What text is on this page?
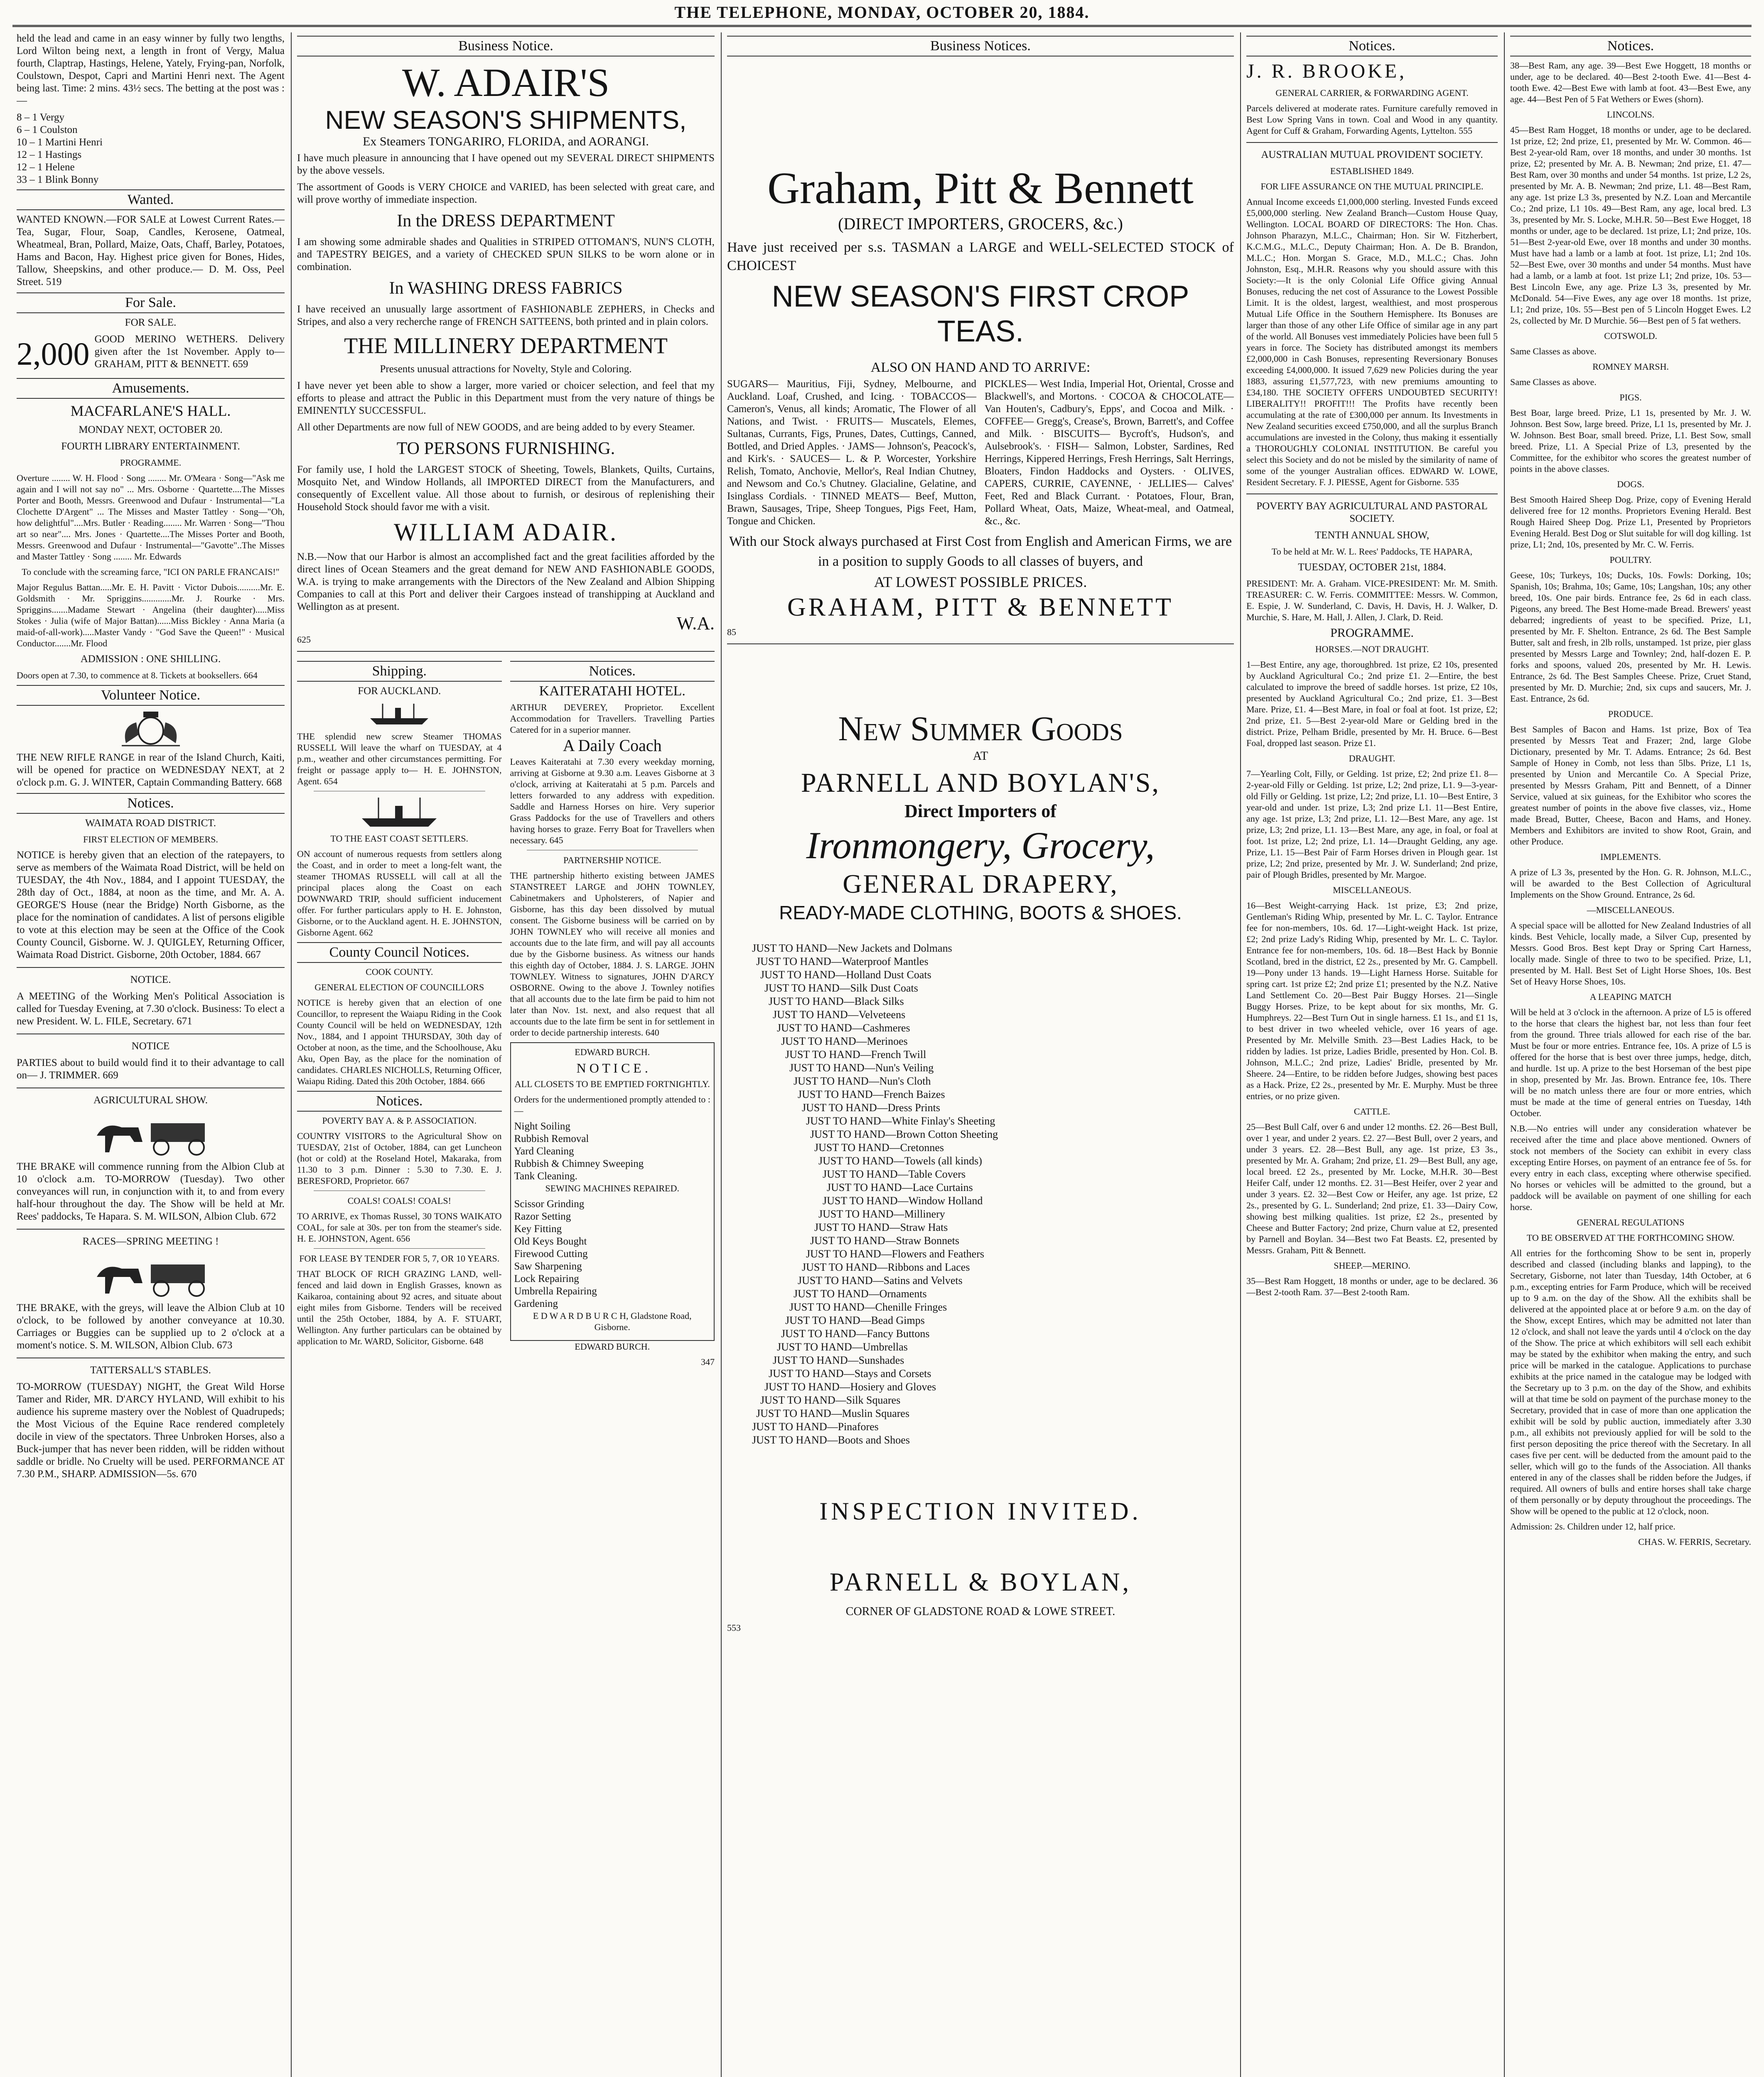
THE TELEPHONE, MONDAY, OCTOBER 20, 1884.

held the lead and came in an easy winner by fully two lengths, Lord Wilton being next, a length in front of Vergy, Malua fourth, Claptrap, Hastings, Helene, Yately, Frying-pan, Norfolk, Coulstown, Despot, Capri and Martini Henri next. The Agent being last. Time: 2 mins. 43½ secs. The betting at the post was :—

8 – 1 Vergy
6 – 1 Coulston
10 – 1 Martini Henri
12 – 1 Hastings
12 – 1 Helene
33 – 1 Blink Bonny
Wanted.

WANTED KNOWN.—FOR SALE at Lowest Current Rates.—Tea, Sugar, Flour, Soap, Candles, Kerosene, Oatmeal, Wheatmeal, Bran, Pollard, Maize, Oats, Chaff, Barley, Potatoes, Hams and Bacon, Hay. Highest price given for Bones, Hides, Tallow, Sheepskins, and other produce.— D. M. Oss, Peel Street. 519

For Sale.

FOR SALE.

2,000 GOOD MERINO WETHERS. Delivery given after the 1st November. Apply to— GRAHAM, PITT & BENNETT. 659

Amusements.

MACFARLANE'S HALL.

MONDAY NEXT, OCTOBER 20.

FOURTH LIBRARY ENTERTAINMENT.

PROGRAMME.

Overture ........ W. H. Flood · Song ........ Mr. O'Meara · Song—"Ask me again and I will not say no" ... Mrs. Osborne · Quartette....The Misses Porter and Booth, Messrs. Greenwood and Dufaur · Instrumental—"La Clochette D'Argent" ... The Misses and Master Tattley · Song—"Oh, how delightful"....Mrs. Butler · Reading........ Mr. Warren · Song—"Thou art so near".... Mrs. Jones · Quartette....The Misses Porter and Booth, Messrs. Greenwood and Dufaur · Instrumental—"Gavotte"..The Misses and Master Tattley · Song ........ Mr. Edwards

To conclude with the screaming farce, "ICI ON PARLE FRANCAIS!"

Major Regulus Battan.....Mr. E. H. Pavitt · Victor Dubois..........Mr. E. Goldsmith · Mr. Spriggins.............Mr. J. Rourke · Mrs. Spriggins.......Madame Stewart · Angelina (their daughter).....Miss Stokes · Julia (wife of Major Battan)......Miss Bickley · Anna Maria (a maid-of-all-work).....Master Vandy · "God Save the Queen!" · Musical Conductor.......Mr. Flood

ADMISSION : ONE SHILLING.

Doors open at 7.30, to commence at 8. Tickets at booksellers. 664

Volunteer Notice.

THE NEW RIFLE RANGE in rear of the Island Church, Kaiti, will be opened for practice on WEDNESDAY NEXT, at 2 o'clock p.m. G. J. WINTER, Captain Commanding Battery. 668

Notices.

WAIMATA ROAD DISTRICT.

FIRST ELECTION OF MEMBERS.

NOTICE is hereby given that an election of the ratepayers, to serve as members of the Waimata Road District, will be held on TUESDAY, the 4th Nov., 1884, and I appoint TUESDAY, the 28th day of Oct., 1884, at noon as the time, and Mr. A. A. GEORGE'S House (near the Bridge) North Gisborne, as the place for the nomination of candidates. A list of persons eligible to vote at this election may be seen at the Office of the Cook County Council, Gisborne. W. J. QUIGLEY, Returning Officer, Waimata Road District. Gisborne, 20th October, 1884. 667

NOTICE.

A MEETING of the Working Men's Political Association is called for Tuesday Evening, at 7.30 o'clock. Business: To elect a new President. W. L. FILE, Secretary. 671

NOTICE

PARTIES about to build would find it to their advantage to call on— J. TRIMMER. 669

AGRICULTURAL SHOW.

THE BRAKE will commence running from the Albion Club at 10 o'clock a.m. TO-MORROW (Tuesday). Two other conveyances will run, in conjunction with it, to and from every half-hour throughout the day. The Show will be held at Mr. Rees' paddocks, Te Hapara. S. M. WILSON, Albion Club. 672

RACES—SPRING MEETING !

THE BRAKE, with the greys, will leave the Albion Club at 10 o'clock, to be followed by another conveyance at 10.30. Carriages or Buggies can be supplied up to 2 o'clock at a moment's notice. S. M. WILSON, Albion Club. 673

TATTERSALL'S STABLES.

TO-MORROW (TUESDAY) NIGHT, the Great Wild Horse Tamer and Rider, MR. D'ARCY HYLAND, Will exhibit to his audience his supreme mastery over the Noblest of Quadrupeds; the Most Vicious of the Equine Race rendered completely docile in view of the spectators. Three Unbroken Horses, also a Buck-jumper that has never been ridden, will be ridden without saddle or bridle. No Cruelty will be used. PERFORMANCE AT 7.30 P.M., SHARP. ADMISSION—5s. 670

Business Notice.
W. ADAIR'S
NEW SEASON'S SHIPMENTS,

Ex Steamers TONGARIRO, FLORIDA, and AORANGI.

I have much pleasure in announcing that I have opened out my SEVERAL DIRECT SHIPMENTS by the above vessels.

The assortment of Goods is VERY CHOICE and VARIED, has been selected with great care, and will prove worthy of immediate inspection.

In the DRESS DEPARTMENT

I am showing some admirable shades and Qualities in STRIPED OTTOMAN'S, NUN'S CLOTH, and TAPESTRY BEIGES, and a variety of CHECKED SPUN SILKS to be worn alone or in combination.

In WASHING DRESS FABRICS

I have received an unusually large assortment of FASHIONABLE ZEPHERS, in Checks and Stripes, and also a very recherche range of FRENCH SATTEENS, both printed and in plain colors.

THE MILLINERY DEPARTMENT

Presents unusual attractions for Novelty, Style and Coloring.

I have never yet been able to show a larger, more varied or choicer selection, and feel that my efforts to please and attract the Public in this Department must from the very nature of things be EMINENTLY SUCCESSFUL.

All other Departments are now full of NEW GOODS, and are being added to by every Steamer.

TO PERSONS FURNISHING.

For family use, I hold the LARGEST STOCK of Sheeting, Towels, Blankets, Quilts, Curtains, Mosquito Net, and Window Hollands, all IMPORTED DIRECT from the Manufacturers, and consequently of Excellent value. All those about to furnish, or desirous of replenishing their Household Stock should favor me with a visit.

WILLIAM ADAIR.

N.B.—Now that our Harbor is almost an accomplished fact and the great facilities afforded by the direct lines of Ocean Steamers and the great demand for NEW AND FASHIONABLE GOODS, W.A. is trying to make arrangements with the Directors of the New Zealand and Albion Shipping Companies to call at this Port and deliver their Cargoes instead of transhipping at Auckland and Wellington as at present.

W.A.

625

Shipping.

FOR AUCKLAND.

THE splendid new screw Steamer THOMAS RUSSELL Will leave the wharf on TUESDAY, at 4 p.m., weather and other circumstances permitting. For freight or passage apply to— H. E. JOHNSTON, Agent. 654

TO THE EAST COAST SETTLERS.

ON account of numerous requests from settlers along the Coast, and in order to meet a long-felt want, the steamer THOMAS RUSSELL will call at all the principal places along the Coast on each DOWNWARD TRIP, should sufficient inducement offer. For further particulars apply to H. E. Johnston, Gisborne, or to the Auckland agent. H. E. JOHNSTON, Gisborne Agent. 662

County Council Notices.

COOK COUNTY.

GENERAL ELECTION OF COUNCILLORS

NOTICE is hereby given that an election of one Councillor, to represent the Waiapu Riding in the Cook County Council will be held on WEDNESDAY, 12th Nov., 1884, and I appoint THURSDAY, 30th day of October at noon, as the time, and the Schoolhouse, Aku Aku, Open Bay, as the place for the nomination of candidates. CHARLES NICHOLLS, Returning Officer, Waiapu Riding. Dated this 20th October, 1884. 666

Notices.

POVERTY BAY A. & P. ASSOCIATION.

COUNTRY VISITORS to the Agricultural Show on TUESDAY, 21st of October, 1884, can get Luncheon (hot or cold) at the Roseland Hotel, Makaraka, from 11.30 to 3 p.m. Dinner : 5.30 to 7.30. E. J. BERESFORD, Proprietor. 667

COALS! COALS! COALS!

TO ARRIVE, ex Thomas Russel, 30 TONS WAIKATO COAL, for sale at 30s. per ton from the steamer's side. H. E. JOHNSTON, Agent. 656

FOR LEASE BY TENDER FOR 5, 7, OR 10 YEARS.

THAT BLOCK OF RICH GRAZING LAND, well-fenced and laid down in English Grasses, known as Kaikaroa, containing about 92 acres, and situate about eight miles from Gisborne. Tenders will be received until the 25th October, 1884, by A. F. STUART, Wellington. Any further particulars can be obtained by application to Mr. WARD, Solicitor, Gisborne. 648

Notices.

KAITERATAHI HOTEL.

ARTHUR DEVEREY, Proprietor. Excellent Accommodation for Travellers. Travelling Parties Catered for in a superior manner.

A Daily Coach

Leaves Kaiteratahi at 7.30 every weekday morning, arriving at Gisborne at 9.30 a.m. Leaves Gisborne at 3 o'clock, arriving at Kaiteratahi at 5 p.m. Parcels and letters forwarded to any address with expedition. Saddle and Harness Horses on hire. Very superior Grass Paddocks for the use of Travellers and others having horses to graze. Ferry Boat for Travellers when necessary. 645

PARTNERSHIP NOTICE.

THE partnership hitherto existing between JAMES STANSTREET LARGE and JOHN TOWNLEY, Cabinetmakers and Upholsterers, of Napier and Gisborne, has this day been dissolved by mutual consent. The Gisborne business will be carried on by JOHN TOWNLEY who will receive all monies and accounts due to the late firm, and will pay all accounts due by the Gisborne business. As witness our hands this eighth day of October, 1884. J. S. LARGE. JOHN TOWNLEY. Witness to signatures, JOHN D'ARCY OSBORNE. Owing to the above J. Townley notifies that all accounts due to the late firm be paid to him not later than Nov. 1st. next, and also request that all accounts due to the late firm be sent in for settlement in order to decide partnership interests. 640

EDWARD BURCH.

N O T I C E .

ALL CLOSETS TO BE EMPTIED FORTNIGHTLY.

Orders for the undermentioned promptly attended to :—

Night Soiling
Rubbish Removal
Yard Cleaning
Rubbish & Chimney Sweeping
Tank Cleaning.

SEWING MACHINES REPAIRED.

Scissor Grinding
Razor Setting
Key Fitting
Old Keys Bought
Firewood Cutting
Saw Sharpening
Lock Repairing
Umbrella Repairing
Gardening

E D W A R D B U R C H, Gladstone Road, Gisborne.

EDWARD BURCH.

347

Business Notices.
Graham, Pitt & Bennett

(DIRECT IMPORTERS, GROCERS, &c.)

Have just received per s.s. TASMAN a LARGE and WELL-SELECTED STOCK of CHOICEST

NEW SEASON'S FIRST CROP TEAS.

ALSO ON HAND AND TO ARRIVE:

SUGARS— Mauritius, Fiji, Sydney, Melbourne, and Auckland. Loaf, Crushed, and Icing. · TOBACCOS— Cameron's, Venus, all kinds; Aromatic, The Flower of all Nations, and Twist. · FRUITS— Muscatels, Elemes, Sultanas, Currants, Figs, Prunes, Dates, Cuttings, Canned, Bottled, and Dried Apples. · JAMS— Johnson's, Peacock's, and Kirk's. · SAUCES— L. & P. Worcester, Yorkshire Relish, Tomato, Anchovie, Mellor's, Real Indian Chutney, and Newsom and Co.'s Chutney. Glacialine, Gelatine, and Isinglass Cordials. · TINNED MEATS— Beef, Mutton, Brawn, Sausages, Tripe, Sheep Tongues, Pigs Feet, Ham, Tongue and Chicken.

PICKLES— West India, Imperial Hot, Oriental, Crosse and Blackwell's, and Mortons. · COCOA & CHOCOLATE— Van Houten's, Cadbury's, Epps', and Cocoa and Milk. · COFFEE— Gregg's, Crease's, Brown, Barrett's, and Coffee and Milk. · BISCUITS— Bycroft's, Hudson's, and Aulsebrook's. · FISH— Salmon, Lobster, Sardines, Red Herrings, Kippered Herrings, Fresh Herrings, Salt Herrings, Bloaters, Findon Haddocks and Oysters. · OLIVES, CAPERS, CURRIE, CAYENNE, · JELLIES— Calves' Feet, Red and Black Currant. · Potatoes, Flour, Bran, Pollard Wheat, Oats, Maize, Wheat-meal, and Oatmeal, &c., &c.

With our Stock always purchased at First Cost from English and American Firms, we are in a position to supply Goods to all classes of buyers, and

AT LOWEST POSSIBLE PRICES.

GRAHAM, PITT & BENNETT

85

New Summer Goods

AT

PARNELL AND BOYLAN'S,
Direct Importers of
Ironmongery, Grocery,
GENERAL DRAPERY,
READY-MADE CLOTHING, BOOTS & SHOES.
JUST TO HAND—New Jackets and Dolmans
JUST TO HAND—Waterproof Mantles
JUST TO HAND—Holland Dust Coats
JUST TO HAND—Silk Dust Coats
JUST TO HAND—Black Silks
JUST TO HAND—Velveteens
JUST TO HAND—Cashmeres
JUST TO HAND—Merinoes
JUST TO HAND—French Twill
JUST TO HAND—Nun's Veiling
JUST TO HAND—Nun's Cloth
JUST TO HAND—French Baizes
JUST TO HAND—Dress Prints
JUST TO HAND—White Finlay's Sheeting
JUST TO HAND—Brown Cotton Sheeting
JUST TO HAND—Cretonnes
JUST TO HAND—Towels (all kinds)
JUST TO HAND—Table Covers
JUST TO HAND—Lace Curtains
JUST TO HAND—Window Holland
JUST TO HAND—Millinery
JUST TO HAND—Straw Hats
JUST TO HAND—Straw Bonnets
JUST TO HAND—Flowers and Feathers
JUST TO HAND—Ribbons and Laces
JUST TO HAND—Satins and Velvets
JUST TO HAND—Ornaments
JUST TO HAND—Chenille Fringes
JUST TO HAND—Bead Gimps
JUST TO HAND—Fancy Buttons
JUST TO HAND—Umbrellas
JUST TO HAND—Sunshades
JUST TO HAND—Stays and Corsets
JUST TO HAND—Hosiery and Gloves
JUST TO HAND—Silk Squares
JUST TO HAND—Muslin Squares
JUST TO HAND—Pinafores
JUST TO HAND—Boots and Shoes
INSPECTION INVITED.
PARNELL & BOYLAN,

CORNER OF GLADSTONE ROAD & LOWE STREET.

553

Notices.

J. R. BROOKE,

GENERAL CARRIER, & FORWARDING AGENT.

Parcels delivered at moderate rates. Furniture carefully removed in Best Low Spring Vans in town. Coal and Wood in any quantity. Agent for Cuff & Graham, Forwarding Agents, Lyttelton. 555

AUSTRALIAN MUTUAL PROVIDENT SOCIETY.

ESTABLISHED 1849.

FOR LIFE ASSURANCE ON THE MUTUAL PRINCIPLE.

Annual Income exceeds £1,000,000 sterling. Invested Funds exceed £5,000,000 sterling. New Zealand Branch—Custom House Quay, Wellington. LOCAL BOARD OF DIRECTORS: The Hon. Chas. Johnson Pharazyn, M.L.C., Chairman; Hon. Sir W. Fitzherbert, K.C.M.G., M.L.C., Deputy Chairman; Hon. A. De B. Brandon, M.L.C.; Hon. Morgan S. Grace, M.D., M.L.C.; Chas. John Johnston, Esq., M.H.R. Reasons why you should assure with this Society:—It is the only Colonial Life Office giving Annual Bonuses, reducing the net cost of Assurance to the Lowest Possible Limit. It is the oldest, largest, wealthiest, and most prosperous Mutual Life Office in the Southern Hemisphere. Its Bonuses are larger than those of any other Life Office of similar age in any part of the world. All Bonuses vest immediately Policies have been full 5 years in force. The Society has distributed amongst its members £2,000,000 in Cash Bonuses, representing Reversionary Bonuses exceeding £4,000,000. It issued 7,629 new Policies during the year 1883, assuring £1,577,723, with new premiums amounting to £34,180. THE SOCIETY OFFERS UNDOUBTED SECURITY! LIBERALITY!! PROFIT!!! The Profits have recently been accumulating at the rate of £300,000 per annum. Its Investments in New Zealand securities exceed £750,000, and all the surplus Branch accumulations are invested in the Colony, thus making it essentially a THOROUGHLY COLONIAL INSTITUTION. Be careful you select this Society and do not be misled by the similarity of name of some of the younger Australian offices. EDWARD W. LOWE, Resident Secretary. F. J. PIESSE, Agent for Gisborne. 535

POVERTY BAY AGRICULTURAL AND PASTORAL SOCIETY.

TENTH ANNUAL SHOW,

To be held at Mr. W. L. Rees' Paddocks, TE HAPARA,

TUESDAY, OCTOBER 21st, 1884.

PRESIDENT: Mr. A. Graham. VICE-PRESIDENT: Mr. M. Smith. TREASURER: C. W. Ferris. COMMITTEE: Messrs. W. Common, E. Espie, J. W. Sunderland, C. Davis, H. Davis, H. J. Walker, D. Murchie, S. Hare, M. Hall, J. Allen, J. Clark, D. Reid.

PROGRAMME.

HORSES.—NOT DRAUGHT.

1—Best Entire, any age, thoroughbred. 1st prize, £2 10s, presented by Auckland Agricultural Co.; 2nd prize £1. 2—Entire, the best calculated to improve the breed of saddle horses. 1st prize, £2 10s, presented by Auckland Agricultural Co.; 2nd prize, £1. 3—Best Mare. Prize, £1. 4—Best Mare, in foal or foal at foot. 1st prize, £2; 2nd prize, £1. 5—Best 2-year-old Mare or Gelding bred in the district. Prize, Pelham Bridle, presented by Mr. H. Bruce. 6—Best Foal, dropped last season. Prize £1.

DRAUGHT.

7—Yearling Colt, Filly, or Gelding. 1st prize, £2; 2nd prize £1. 8—2-year-old Filly or Gelding. 1st prize, L2; 2nd prize, L1. 9—3-year-old Filly or Gelding. 1st prize, L2; 2nd prize, L1. 10—Best Entire, 3 year-old and under. 1st prize, L3; 2nd prize L1. 11—Best Entire, any age. 1st prize, L3; 2nd prize, L1. 12—Best Mare, any age. 1st prize, L3; 2nd prize, L1. 13—Best Mare, any age, in foal, or foal at foot. 1st prize, L2; 2nd prize, L1. 14—Draught Gelding, any age. Prize, L1. 15—Best Pair of Farm Horses driven in Plough gear. 1st prize, L2; 2nd prize, presented by Mr. J. W. Sunderland; 2nd prize, pair of Plough Bridles, presented by Mr. Margoe.

MISCELLANEOUS.

16—Best Weight-carrying Hack. 1st prize, £3; 2nd prize, Gentleman's Riding Whip, presented by Mr. L. C. Taylor. Entrance fee for non-members, 10s. 6d. 17—Light-weight Hack. 1st prize, £2; 2nd prize Lady's Riding Whip, presented by Mr. L. C. Taylor. Entrance fee for non-members, 10s. 6d. 18—Best Hack by Bonnie Scotland, bred in the district, £2 2s., presented by Mr. G. Campbell. 19—Pony under 13 hands. 19—Light Harness Horse. Suitable for spring cart. 1st prize £2; 2nd prize £1; presented by the N.Z. Native Land Settlement Co. 20—Best Pair Buggy Horses. 21—Single Buggy Horses. Prize, to be kept about for six months, Mr. G. Humphreys. 22—Best Turn Out in single harness. £1 1s., and £1 1s, to best driver in two wheeled vehicle, over 16 years of age. Presented by Mr. Melville Smith. 23—Best Ladies Hack, to be ridden by ladies. 1st prize, Ladies Bridle, presented by Hon. Col. B. Johnson, M.L.C.; 2nd prize, Ladies' Bridle, presented by Mr. Sheere. 24—Entire, to be ridden before Judges, showing best paces as a Hack. Prize, £2 2s., presented by Mr. E. Murphy. Must be three entries, or no prize given.

CATTLE.

25—Best Bull Calf, over 6 and under 12 months. £2. 26—Best Bull, over 1 year, and under 2 years. £2. 27—Best Bull, over 2 years, and under 3 years. £2. 28—Best Bull, any age. 1st prize, £3 3s., presented by Mr. A. Graham; 2nd prize, £1. 29—Best Bull, any age, local breed. £2 2s., presented by Mr. Locke, M.H.R. 30—Best Heifer Calf, under 12 months. £2. 31—Best Heifer, over 2 year and under 3 years. £2. 32—Best Cow or Heifer, any age. 1st prize, £2 2s., presented by G. L. Sunderland; 2nd prize, £1. 33—Dairy Cow, showing best milking qualities. 1st prize, £2 2s., presented by Cheese and Butter Factory; 2nd prize, Churn value at £2, presented by Parnell and Boylan. 34—Best two Fat Beasts. £2, presented by Messrs. Graham, Pitt & Bennett.

SHEEP.—MERINO.

35—Best Ram Hoggett, 18 months or under, age to be declared. 36—Best 2-tooth Ram. 37—Best 2-tooth Ram.

Notices.

38—Best Ram, any age. 39—Best Ewe Hoggett, 18 months or under, age to be declared. 40—Best 2-tooth Ewe. 41—Best 4-tooth Ewe. 42—Best Ewe with lamb at foot. 43—Best Ewe, any age. 44—Best Pen of 5 Fat Wethers or Ewes (shorn).

LINCOLNS.

45—Best Ram Hogget, 18 months or under, age to be declared. 1st prize, £2; 2nd prize, £1, presented by Mr. W. Common. 46—Best 2-year-old Ram, over 18 months, and under 30 months. 1st prize, £2; presented by Mr. A. B. Newman; 2nd prize, £1. 47—Best Ram, over 30 months and under 54 months. 1st prize, L2 2s, presented by Mr. A. B. Newman; 2nd prize, L1. 48—Best Ram, any age. 1st prize L3 3s, presented by N.Z. Loan and Mercantile Co.; 2nd prize, L1 10s. 49—Best Ram, any age, local bred. L3 3s, presented by Mr. S. Locke, M.H.R. 50—Best Ewe Hogget, 18 months or under, age to be declared. 1st prize, L1; 2nd prize, 10s. 51—Best 2-year-old Ewe, over 18 months and under 30 months. Must have had a lamb or a lamb at foot. 1st prize, L1; 2nd 10s. 52—Best Ewe, over 30 months and under 54 months. Must have had a lamb, or a lamb at foot. 1st prize L1; 2nd prize, 10s. 53—Best Lincoln Ewe, any age. Prize L3 3s, presented by Mr. McDonald. 54—Five Ewes, any age over 18 months. 1st prize, L1; 2nd prize, 10s. 55—Best pen of 5 Lincoln Hogget Ewes. L2 2s, collected by Mr. D Murchie. 56—Best pen of 5 fat wethers.

COTSWOLD.

Same Classes as above.

ROMNEY MARSH.

Same Classes as above.

PIGS.

Best Boar, large breed. Prize, L1 1s, presented by Mr. J. W. Johnson. Best Sow, large breed. Prize, L1 1s, presented by Mr. J. W. Johnson. Best Boar, small breed. Prize, L1. Best Sow, small breed. Prize, L1. A Special Prize of L3, presented by the Committee, for the exhibitor who scores the greatest number of points in the above classes.

DOGS.

Best Smooth Haired Sheep Dog. Prize, copy of Evening Herald delivered free for 12 months. Proprietors Evening Herald. Best Rough Haired Sheep Dog. Prize L1, Presented by Proprietors Evening Herald. Best Dog or Slut suitable for will dog killing. 1st prize, L1; 2nd, 10s, presented by Mr. C. W. Ferris.

POULTRY.

Geese, 10s; Turkeys, 10s; Ducks, 10s. Fowls: Dorking, 10s; Spanish, 10s; Brahma, 10s; Game, 10s; Langshan, 10s; any other breed, 10s. One pair birds. Entrance fee, 2s 6d in each class. Pigeons, any breed. The Best Home-made Bread. Brewers' yeast debarred; ingredients of yeast to be specified. Prize, L1, presented by Mr. F. Shelton. Entrance, 2s 6d. The Best Sample Butter, salt and fresh, in 2lb rolls, unstamped. 1st prize, pier glass presented by Messrs Large and Townley; 2nd, half-dozen E. P. forks and spoons, valued 20s, presented by Mr. H. Lewis. Entrance, 2s 6d. The Best Samples Cheese. Prize, Cruet Stand, presented by Mr. D. Murchie; 2nd, six cups and saucers, Mr. J. East. Entrance, 2s 6d.

PRODUCE.

Best Samples of Bacon and Hams. 1st prize, Box of Tea presented by Messrs Teat and Frazer; 2nd, large Globe Dictionary, presented by Mr. T. Adams. Entrance; 2s 6d. Best Sample of Honey in Comb, not less than 5lbs. Prize, L1 1s, presented by Union and Mercantile Co. A Special Prize, presented by Messrs Graham, Pitt and Bennett, of a Dinner Service, valued at six guineas, for the Exhibitor who scores the greatest number of points in the above five classes, viz., Home made Bread, Butter, Cheese, Bacon and Hams, and Honey. Members and Exhibitors are invited to show Root, Grain, and other Produce.

IMPLEMENTS.

A prize of L3 3s, presented by the Hon. G. R. Johnson, M.L.C., will be awarded to the Best Collection of Agricultural Implements on the Show Ground. Entrance, 2s 6d.

—MISCELLANEOUS.

A special space will be allotted for New Zealand Industries of all kinds. Best Vehicle, locally made, a Silver Cup, presented by Messrs. Good Bros. Best kept Dray or Spring Cart Harness, locally made. Single of three to two to be specified. Prize, L1, presented by M. Hall. Best Set of Light Horse Shoes, 10s. Best Set of Heavy Horse Shoes, 10s.

A LEAPING MATCH

Will be held at 3 o'clock in the afternoon. A prize of L5 is offered to the horse that clears the highest bar, not less than four feet from the ground. Three trials allowed for each rise of the bar. Must be four or more entries. Entrance fee, 10s. A prize of L5 is offered for the horse that is best over three jumps, hedge, ditch, and hurdle. 1st up. A prize to the best Horseman of the best pipe in shop, presented by Mr. Jas. Brown. Entrance fee, 10s. There will be no match unless there are four or more entries, which must be made at the time of general entries on Tuesday, 14th October.

N.B.—No entries will under any consideration whatever be received after the time and place above mentioned. Owners of stock not members of the Society can exhibit in every class excepting Entire Horses, on payment of an entrance fee of 5s. for every entry in each class, excepting where otherwise specified. No horses or vehicles will be admitted to the ground, but a paddock will be available on payment of one shilling for each horse.

GENERAL REGULATIONS

TO BE OBSERVED AT THE FORTHCOMING SHOW.

All entries for the forthcoming Show to be sent in, properly described and classed (including blanks and lapping), to the Secretary, Gisborne, not later than Tuesday, 14th October, at 6 p.m., excepting entries for Farm Produce, which will be received up to 9 a.m. on the day of the Show. All the exhibits shall be delivered at the appointed place at or before 9 a.m. on the day of the Show, except Entires, which may be admitted not later than 12 o'clock, and shall not leave the yards until 4 o'clock on the day of the Show. The price at which exhibitors will sell each exhibit may be stated by the exhibitor when making the entry, and such price will be marked in the catalogue. Applications to purchase exhibits at the price named in the catalogue may be lodged with the Secretary up to 3 p.m. on the day of the Show, and exhibits will at that time be sold on payment of the purchase money to the Secretary, provided that in case of more than one application the exhibit will be sold by public auction, immediately after 3.30 p.m., all exhibits not previously applied for will be sold to the first person depositing the price thereof with the Secretary. In all cases five per cent. will be deducted from the amount paid to the seller, which will go to the funds of the Association. All thanks entered in any of the classes shall be ridden before the Judges, if required. All owners of bulls and entire horses shall take charge of them personally or by deputy throughout the proceedings. The Show will be opened to the public at 12 o'clock, noon.

Admission: 2s. Children under 12, half price.

CHAS. W. FERRIS, Secretary.
